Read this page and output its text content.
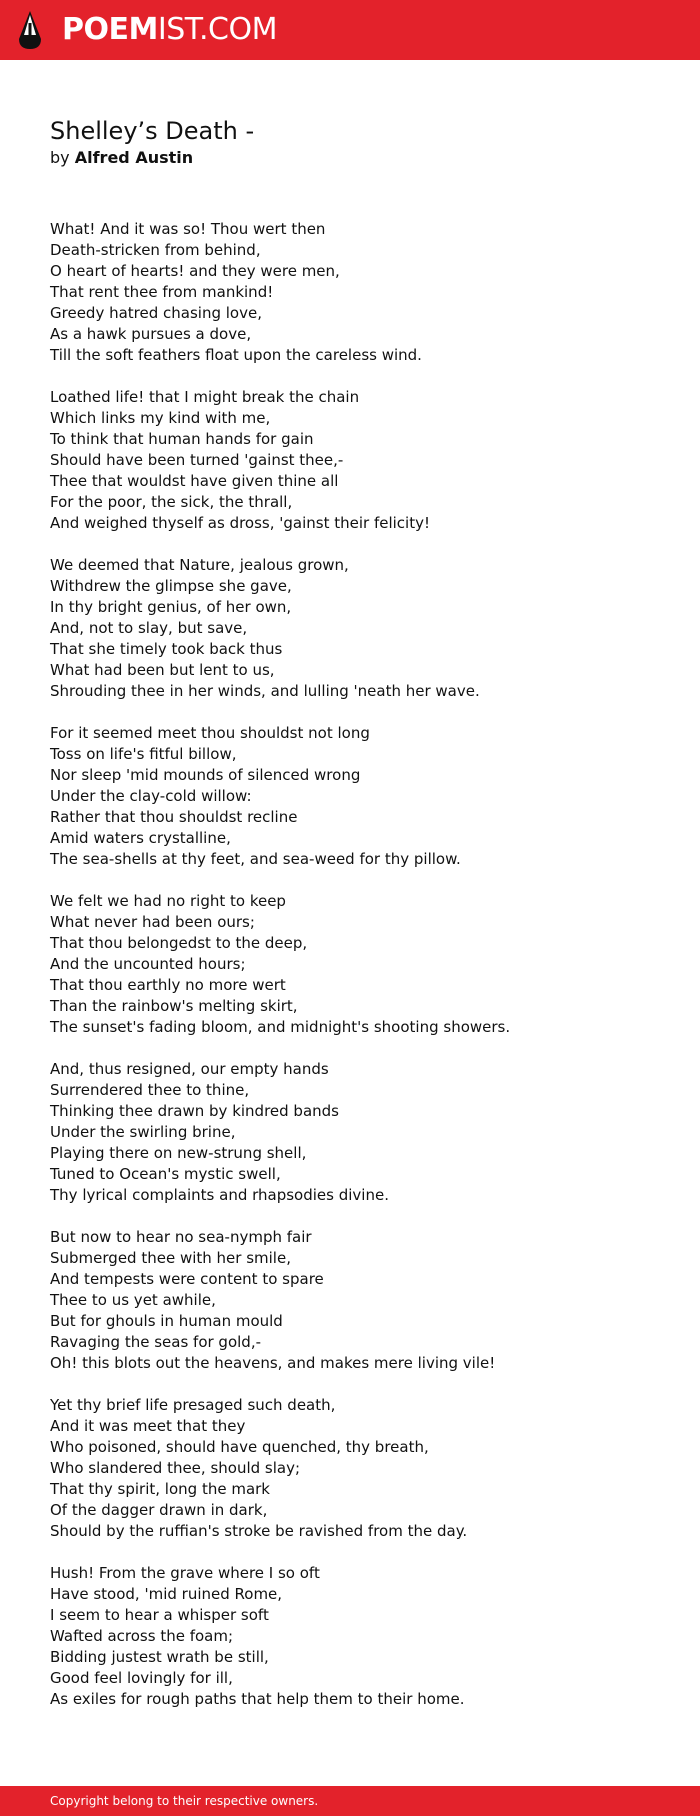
POEMIST.COM
Shelley’s Death -
by Alfred Austin
What! And it was so! Thou wert then
Death-stricken from behind,
O heart of hearts! and they were men,
That rent thee from mankind!
Greedy hatred chasing love,
As a hawk pursues a dove,
Till the soft feathers float upon the careless wind.
Loathed life! that I might break the chain
Which links my kind with me,
To think that human hands for gain
Should have been turned 'gainst thee,-
Thee that wouldst have given thine all
For the poor, the sick, the thrall,
And weighed thyself as dross, 'gainst their felicity!
We deemed that Nature, jealous grown,
Withdrew the glimpse she gave,
In thy bright genius, of her own,
And, not to slay, but save,
That she timely took back thus
What had been but lent to us,
Shrouding thee in her winds, and lulling 'neath her wave.
For it seemed meet thou shouldst not long
Toss on life's fitful billow,
Nor sleep 'mid mounds of silenced wrong
Under the clay-cold willow:
Rather that thou shouldst recline
Amid waters crystalline,
The sea-shells at thy feet, and sea-weed for thy pillow.
We felt we had no right to keep
What never had been ours;
That thou belongedst to the deep,
And the uncounted hours;
That thou earthly no more wert
Than the rainbow's melting skirt,
The sunset's fading bloom, and midnight's shooting showers.
And, thus resigned, our empty hands
Surrendered thee to thine,
Thinking thee drawn by kindred bands
Under the swirling brine,
Playing there on new-strung shell,
Tuned to Ocean's mystic swell,
Thy lyrical complaints and rhapsodies divine.
But now to hear no sea-nymph fair
Submerged thee with her smile,
And tempests were content to spare
Thee to us yet awhile,
But for ghouls in human mould
Ravaging the seas for gold,-
Oh! this blots out the heavens, and makes mere living vile!
Yet thy brief life presaged such death,
And it was meet that they
Who poisoned, should have quenched, thy breath,
Who slandered thee, should slay;
That thy spirit, long the mark
Of the dagger drawn in dark,
Should by the ruffian's stroke be ravished from the day.
Hush! From the grave where I so oft
Have stood, 'mid ruined Rome,
I seem to hear a whisper soft
Wafted across the foam;
Bidding justest wrath be still,
Good feel lovingly for ill,
As exiles for rough paths that help them to their home.
Copyright belong to their respective owners.
